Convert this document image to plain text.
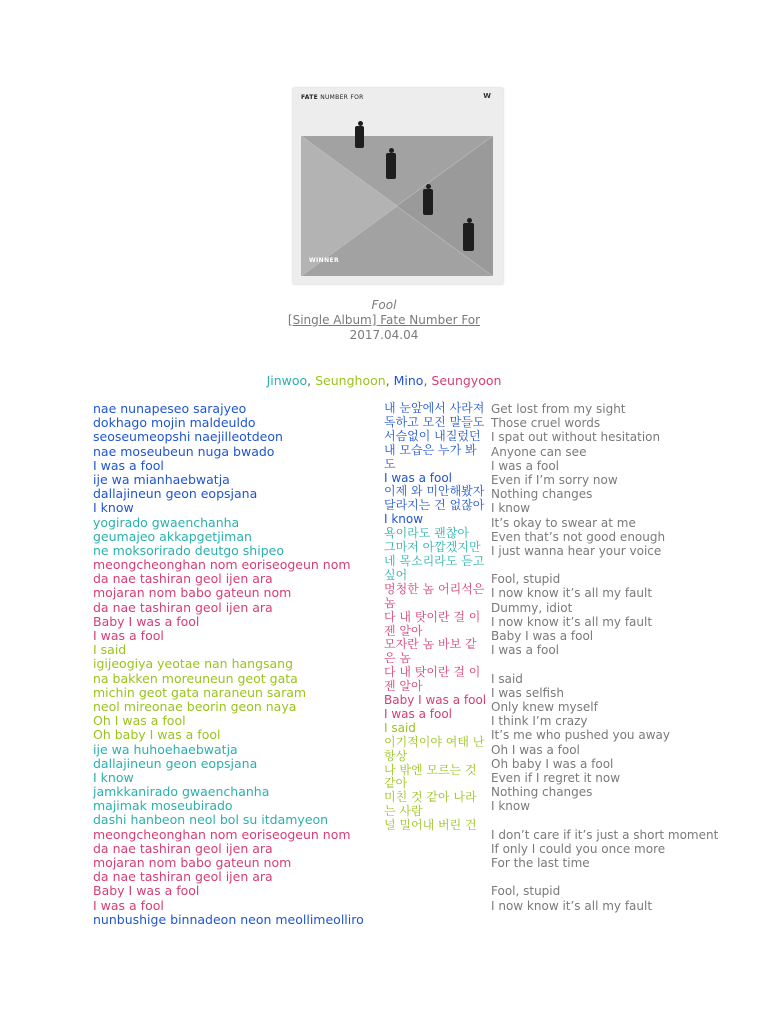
FATE NUMBER FOR	W
WINNER
Fool
[Single Album] Fate Number For
2017.04.04
Jinwoo, Seunghoon, Mino, Seungyoon
nae nunapeseo sarajyeo
dokhago mojin maldeuldo
seoseumeopshi naejilleotdeon
nae moseubeun nuga bwado
I was a fool
ije wa mianhaebwatja
dallajineun geon eopsjana
I know
yogirado gwaenchanha
geumajeo akkapgetjiman
ne moksorirado deutgo shipeo
meongcheonghan nom eoriseogeun nom
da nae tashiran geol ijen ara
mojaran nom babo gateun nom
da nae tashiran geol ijen ara
Baby I was a fool
I was a fool
I said
igijeogiya yeotae nan hangsang
na bakken moreuneun geot gata
michin geot gata naraneun saram
neol mireonae beorin geon naya
Oh I was a fool
Oh baby I was a fool
ije wa huhoehaebwatja
dallajineun geon eopsjana
I know
jamkkanirado gwaenchanha
majimak moseubirado
dashi hanbeon neol bol su itdamyeon
meongcheonghan nom eoriseogeun nom
da nae tashiran geol ijen ara
mojaran nom babo gateun nom
da nae tashiran geol ijen ara
Baby I was a fool
I was a fool
nunbushige binnadeon neon meollimeolliro
내 눈앞에서 사라져
독하고 모진 말들도
서슴없이 내질렀던
내 모습은 누가 봐도
I was a fool
이제 와 미안해봤자
달라지는 건 없잖아
I know
욕이라도 괜찮아
그마저 아깝겠지만
네 목소리라도 듣고 싶어
멍청한 놈 어리석은 놈
다 내 탓이란 걸 이젠 알아
모자란 놈 바보 같은 놈
다 내 탓이란 걸 이젠 알아
Baby I was a fool
I was a fool
I said
이기적이야 여태 난 항상
나 밖엔 모르는 것 같아
미친 것 같아 나라는 사람
널 밀어내 버린 건
Get lost from my sight
Those cruel words
I spat out without hesitation
Anyone can see
I was a fool
Even if I’m sorry now
Nothing changes
I know
It’s okay to swear at me
Even that’s not good enough
I just wanna hear your voice

Fool, stupid
I now know it’s all my fault
Dummy, idiot
I now know it’s all my fault
Baby I was a fool
I was a fool

I said
I was selfish
Only knew myself
I think I’m crazy
It’s me who pushed you away
Oh I was a fool
Oh baby I was a fool
Even if I regret it now
Nothing changes
I know

I don’t care if it’s just a short moment
If only I could you once more
For the last time

Fool, stupid
I now know it’s all my fault
